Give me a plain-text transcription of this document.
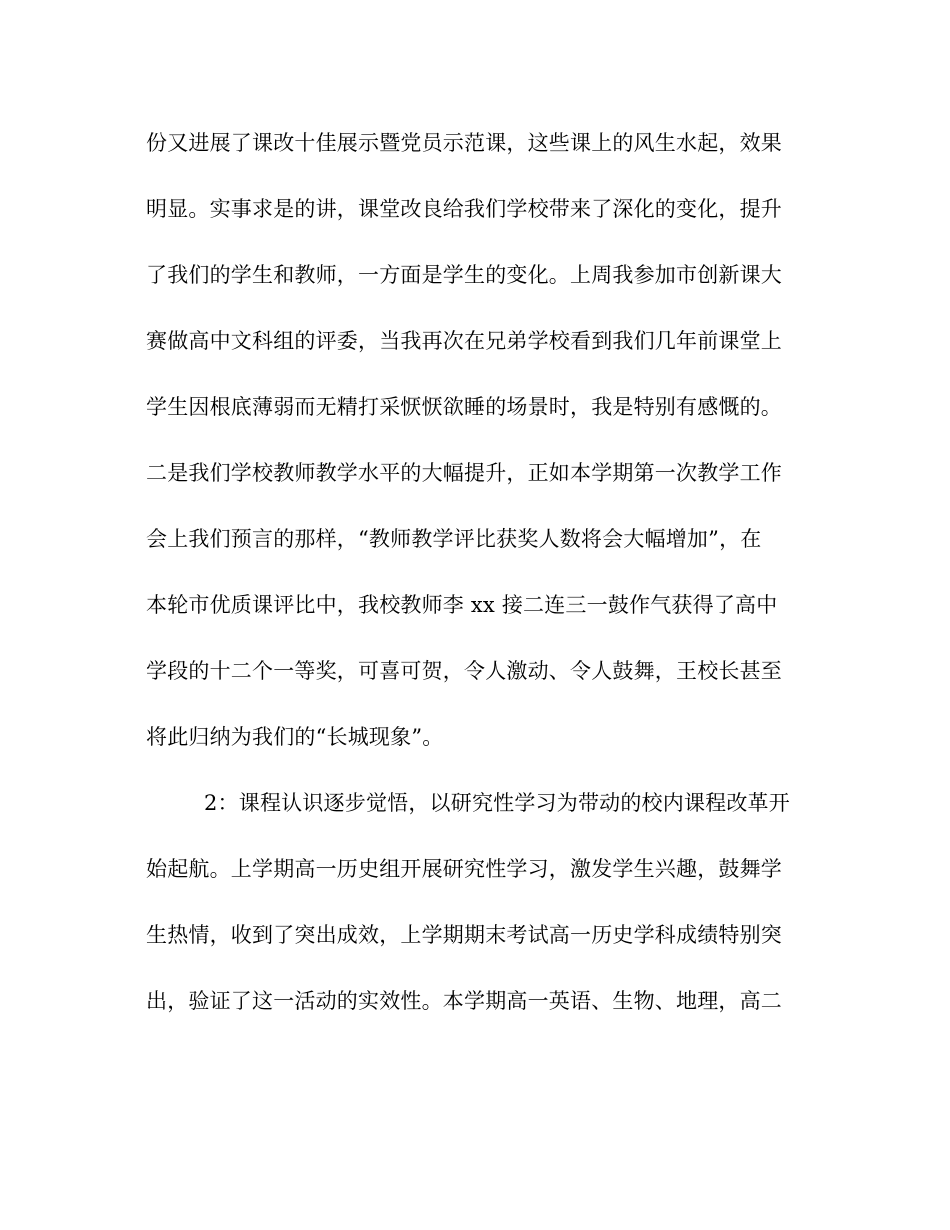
份又进展了课改十佳展示暨党员示范课，这些课上的风生水起，效果
明显。实事求是的讲，课堂改良给我们学校带来了深化的变化，提升
了我们的学生和教师，一方面是学生的变化。上周我参加市创新课大
赛做高中文科组的评委，当我再次在兄弟学校看到我们几年前课堂上
学生因根底薄弱而无精打采恹恹欲睡的场景时，我是特别有感慨的。
二是我们学校教师教学水平的大幅提升，正如本学期第一次教学工作
会上我们预言的那样，“教师教学评比获奖人数将会大幅增加”，在
本轮市优质课评比中，我校教师李 xx 接二连三一鼓作气获得了高中
学段的十二个一等奖，可喜可贺，令人激动、令人鼓舞，王校长甚至
将此归纳为我们的“长城现象”。
2：课程认识逐步觉悟，以研究性学习为带动的校内课程改革开
始起航。上学期高一历史组开展研究性学习，激发学生兴趣，鼓舞学
生热情，收到了突出成效，上学期期末考试高一历史学科成绩特别突
出，验证了这一活动的实效性。本学期高一英语、生物、地理，高二
